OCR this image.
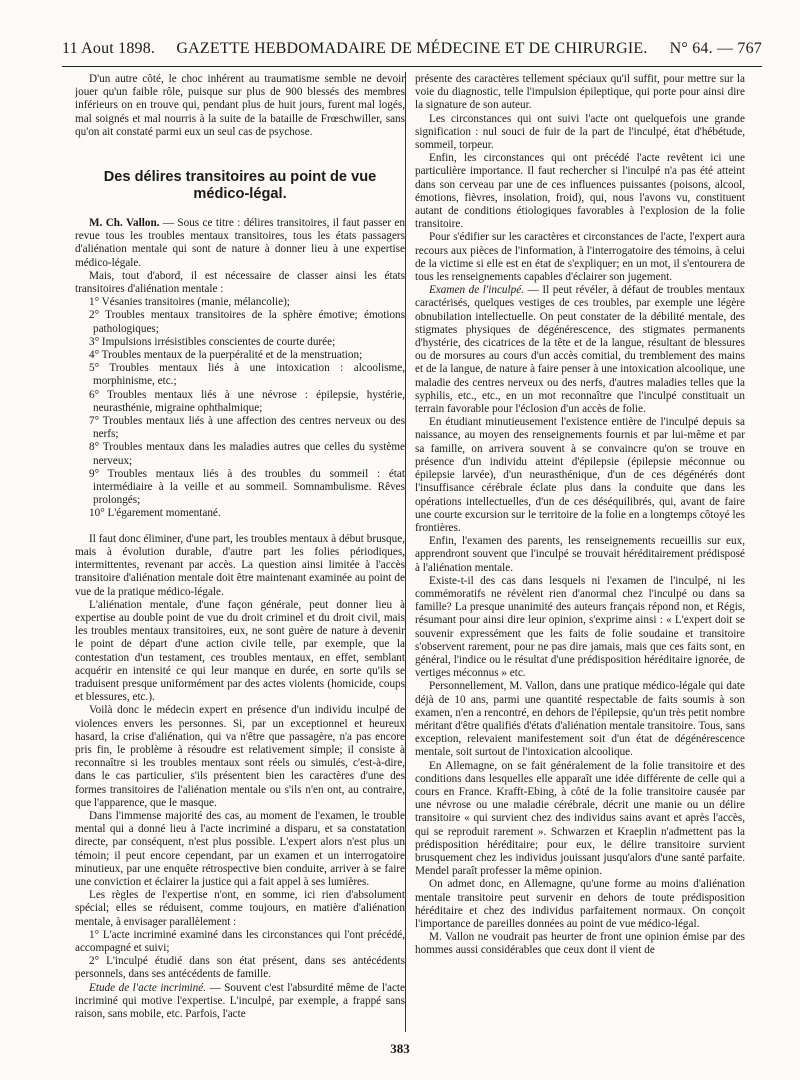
11 Aout 1898.	GAZETTE HEBDOMADAIRE DE MÉDECINE ET DE CHIRURGIE.	N° 64. — 767

D'un autre côté, le choc inhérent au traumatisme semble ne devoir jouer qu'un faible rôle, puisque sur plus de 900 blessés des membres inférieurs on en trouve qui, pendant plus de huit jours, furent mal logés, mal soignés et mal nourris à la suite de la bataille de Frœschwiller, sans qu'on ait constaté parmi eux un seul cas de psychose.

Des délires transitoires au point de vue médico-légal.

M. Ch. Vallon. — Sous ce titre : délires transitoires, il faut passer en revue tous les troubles mentaux transitoires, tous les états passagers d'aliénation mentale qui sont de nature à donner lieu à une expertise médico-légale.

Mais, tout d'abord, il est nécessaire de classer ainsi les états transitoires d'aliénation mentale :

1° Vésanies transitoires (manie, mélancolie);

2° Troubles mentaux transitoires de la sphère émotive; émotions pathologiques;

3° Impulsions irrésistibles conscientes de courte durée;

4° Troubles mentaux de la puerpéralité et de la menstruation;

5° Troubles mentaux liés à une intoxication : alcoolisme, morphinisme, etc.;

6° Troubles mentaux liés à une névrose : épilepsie, hystérie, neurasthénie, migraine ophthalmique;

7° Troubles mentaux liés à une affection des centres nerveux ou des nerfs;

8° Troubles mentaux dans les maladies autres que celles du système nerveux;

9° Troubles mentaux liés à des troubles du sommeil : état intermédiaire à la veille et au sommeil. Somnambulisme. Rêves prolongés;

10° L'égarement momentané.

Il faut donc éliminer, d'une part, les troubles mentaux à début brusque, mais à évolution durable, d'autre part les folies périodiques, intermittentes, revenant par accès. La question ainsi limitée à l'accès transitoire d'aliénation mentale doit être maintenant examinée au point de vue de la pratique médico-légale.

L'aliénation mentale, d'une façon générale, peut donner lieu à expertise au double point de vue du droit criminel et du droit civil, mais les troubles mentaux transitoires, eux, ne sont guère de nature à devenir le point de départ d'une action civile telle, par exemple, que la contestation d'un testament, ces troubles mentaux, en effet, semblant acquérir en intensité ce qui leur manque en durée, en sorte qu'ils se traduisent presque uniformément par des actes violents (homicide, coups et blessures, etc.).

Voilà donc le médecin expert en présence d'un individu inculpé de violences envers les personnes. Si, par un exceptionnel et heureux hasard, la crise d'aliénation, qui va n'être que passagère, n'a pas encore pris fin, le problème à résoudre est relativement simple; il consiste à reconnaître si les troubles mentaux sont réels ou simulés, c'est-à-dire, dans le cas particulier, s'ils présentent bien les caractères d'une des formes transitoires de l'aliénation mentale ou s'ils n'en ont, au contraire, que l'apparence, que le masque.

Dans l'immense majorité des cas, au moment de l'examen, le trouble mental qui a donné lieu à l'acte incriminé a disparu, et sa constatation directe, par conséquent, n'est plus possible. L'expert alors n'est plus un témoin; il peut encore cependant, par un examen et un interrogatoire minutieux, par une enquête rétrospective bien conduite, arriver à se faire une conviction et éclairer la justice qui a fait appel à ses lumières.

Les règles de l'expertise n'ont, en somme, ici rien d'absolument spécial; elles se réduisent, comme toujours, en matière d'aliénation mentale, à envisager parallèlement :

1° L'acte incriminé examiné dans les circonstances qui l'ont précédé, accompagné et suivi;

2° L'inculpé étudié dans son état présent, dans ses antécédents personnels, dans ses antécédents de famille.

Etude de l'acte incriminé. — Souvent c'est l'absurdité même de l'acte incriminé qui motive l'expertise. L'inculpé, par exemple, a frappé sans raison, sans mobile, etc. Parfois, l'acte

présente des caractères tellement spéciaux qu'il suffit, pour mettre sur la voie du diagnostic, telle l'impulsion épileptique, qui porte pour ainsi dire la signature de son auteur.

Les circonstances qui ont suivi l'acte ont quelquefois une grande signification : nul souci de fuir de la part de l'inculpé, état d'hébétude, sommeil, torpeur.

Enfin, les circonstances qui ont précédé l'acte revêtent ici une particulière importance. Il faut rechercher si l'inculpé n'a pas été atteint dans son cerveau par une de ces influences puissantes (poisons, alcool, émotions, fièvres, insolation, froid), qui, nous l'avons vu, constituent autant de conditions étiologiques favorables à l'explosion de la folie transitoire.

Pour s'édifier sur les caractères et circonstances de l'acte, l'expert aura recours aux pièces de l'information, à l'interrogatoire des témoins, à celui de la victime si elle est en état de s'expliquer; en un mot, il s'entourera de tous les renseignements capables d'éclairer son jugement.

Examen de l'inculpé. — Il peut révéler, à défaut de troubles mentaux caractérisés, quelques vestiges de ces troubles, par exemple une légère obnubilation intellectuelle. On peut constater de la débilité mentale, des stigmates physiques de dégénérescence, des stigmates permanents d'hystérie, des cicatrices de la tête et de la langue, résultant de blessures ou de morsures au cours d'un accès comitial, du tremblement des mains et de la langue, de nature à faire penser à une intoxication alcoolique, une maladie des centres nerveux ou des nerfs, d'autres maladies telles que la syphilis, etc., etc., en un mot reconnaître que l'inculpé constituait un terrain favorable pour l'éclosion d'un accès de folie.

En étudiant minutieusement l'existence entière de l'inculpé depuis sa naissance, au moyen des renseignements fournis et par lui-même et par sa famille, on arrivera souvent à se convaincre qu'on se trouve en présence d'un individu atteint d'épilepsie (épilepsie méconnue ou épilepsie larvée), d'un neurasthénique, d'un de ces dégénérés dont l'insuffisance cérébrale éclate plus dans la conduite que dans les opérations intellectuelles, d'un de ces déséquilibrés, qui, avant de faire une courte excursion sur le territoire de la folie en a longtemps côtoyé les frontières.

Enfin, l'examen des parents, les renseignements recueillis sur eux, apprendront souvent que l'inculpé se trouvait héréditairement prédisposé à l'aliénation mentale.

Existe-t-il des cas dans lesquels ni l'examen de l'inculpé, ni les commémoratifs ne révèlent rien d'anormal chez l'inculpé ou dans sa famille? La presque unanimité des auteurs français répond non, et Régis, résumant pour ainsi dire leur opinion, s'exprime ainsi : « L'expert doit se souvenir expressément que les faits de folie soudaine et transitoire s'observent rarement, pour ne pas dire jamais, mais que ces faits sont, en général, l'indice ou le résultat d'une prédisposition héréditaire ignorée, de vertiges méconnus » etc.

Personnellement, M. Vallon, dans une pratique médico-légale qui date déjà de 10 ans, parmi une quantité respectable de faits soumis à son examen, n'en a rencontré, en dehors de l'épilepsie, qu'un très petit nombre méritant d'être qualifiés d'états d'aliénation mentale transitoire. Tous, sans exception, relevaient manifestement soit d'un état de dégénérescence mentale, soit surtout de l'intoxication alcoolique.

En Allemagne, on se fait généralement de la folie transitoire et des conditions dans lesquelles elle apparaît une idée différente de celle qui a cours en France. Krafft-Ebing, à côté de la folie transitoire causée par une névrose ou une maladie cérébrale, décrit une manie ou un délire transitoire « qui survient chez des individus sains avant et après l'accès, qui se reproduit rarement ». Schwarzen et Kraeplin n'admettent pas la prédisposition héréditaire; pour eux, le délire transitoire survient brusquement chez les individus jouissant jusqu'alors d'une santé parfaite. Mendel paraît professer la même opinion.

On admet donc, en Allemagne, qu'une forme au moins d'aliénation mentale transitoire peut survenir en dehors de toute prédisposition héréditaire et chez des individus parfaitement normaux. On conçoit l'importance de pareilles données au point de vue médico-légal.

M. Vallon ne voudrait pas heurter de front une opinion émise par des hommes aussi considérables que ceux dont il vient de

383
